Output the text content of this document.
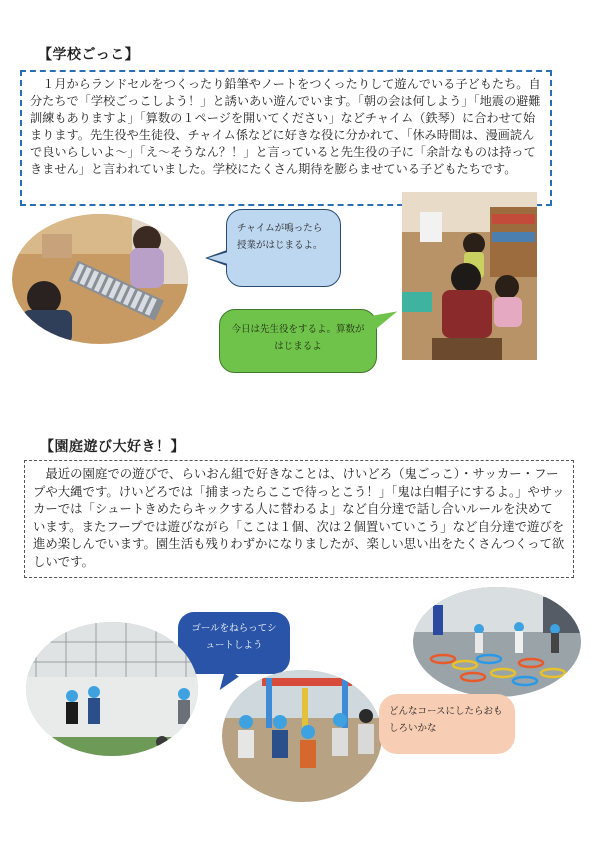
【学校ごっこ】

１月からランドセルをつくったり鉛筆やノートをつくったりして遊んでいる子どもたち。自分たちで「学校ごっこしよう！」と誘いあい遊んでいます。「朝の会は何しよう」「地震の避難訓練もありますよ」「算数の１ページを開いてください」などチャイム（鉄琴）に合わせて始まります。先生役や生徒役、チャイム係などに好きな役に分かれて、「休み時間は、漫画読んで良いらしいよ～」「え～そうなん？！」と言っていると先生役の子に「余計なものは持ってきません」と言われていました。学校にたくさん期待を膨らませている子どもたちです。

チャイムが鳴ったら授業がはじまるよ。
今日は先生役をするよ。算数がはじまるよ
【園庭遊び大好き！】

最近の園庭での遊びで、らいおん組で好きなことは、けいどろ（鬼ごっこ）・サッカー・フープや大縄です。けいどろでは「捕まったらここで待っとこう！」「鬼は白帽子にするよ。」やサッカーでは「シュートきめたらキックする人に替わるよ」など自分達で話し合いルールを決めています。またフープでは遊びながら「ここは１個、次は２個置いていこう」など自分達で遊びを進め楽しんでいます。園生活も残りわずかになりましたが、楽しい思い出をたくさんつくって欲しいです。

ゴールをねらってシュートしよう
どんなコースにしたらおもしろいかな
